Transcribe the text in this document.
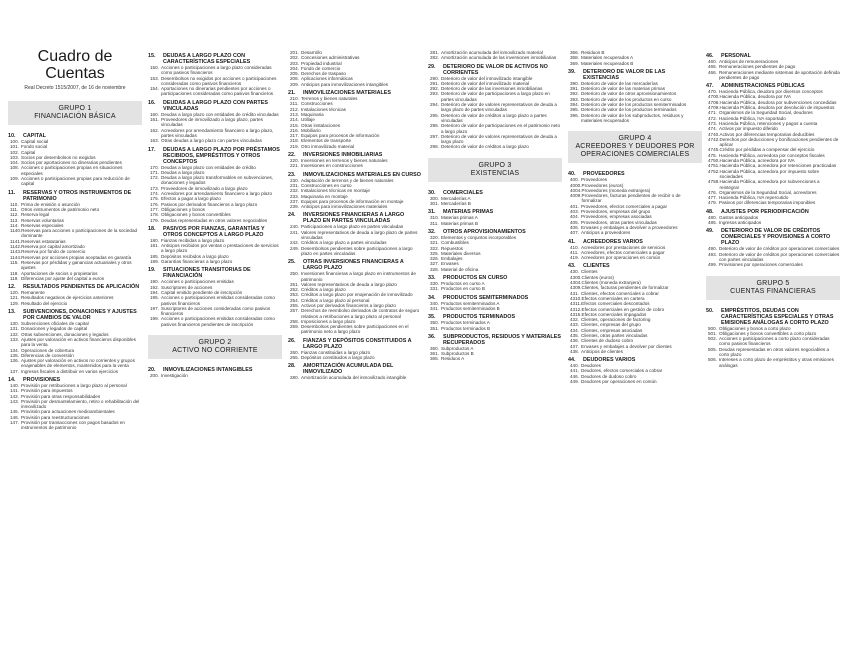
Cuadro de Cuentas
Real Decreto 1515/2007, de 16 de noviembre
GRUPO 1
FINANCIACIÓN BÁSICA
10.	CAPITAL
100. Capital social
101. Fondo social
102. Capital
103. Socios por desembolsos no exigidos
104. Socios por aportaciones no dinerarias pendientes
108. Acciones o participaciones propias en situaciones especiales
109. Acciones o participaciones propias para reducción de capital
11.	RESERVAS Y OTROS INSTRUMENTOS DE PATRIMONIO
110. Prima de emisión o asunción
111. Otros instrumentos de patrimonio neto
112. Reserva legal
113. Reservas voluntarias
114. Reservas especiales
1140. Reservas para acciones o participaciones de la sociedad dominante
1141. Reservas estatutarias
1142. Reserva por capital amortizado
1143. Reserva por fondo de comercio
1144. Reservas por acciones propias aceptadas en garantía
115. Reservas por pérdidas y ganancias actuariales y otros ajustes
118. Aportaciones de socios o propietarios
119. Diferencias por ajuste del capital a euros
12.	RESULTADOS PENDIENTES DE APLICACIÓN
120. Remanente
121. Resultados negativos de ejercicios anteriores
129. Resultado del ejercicio
13.	SUBVENCIONES, DONACIONES Y AJUSTES POR CAMBIOS DE VALOR
130. Subvenciones oficiales de capital
131. Donaciones y legados de capital
132. Otras subvenciones, donaciones y legados
133. Ajustes por valoración en activos financieros disponibles para la venta
134. Operaciones de cobertura
135. Diferencias de conversión
136. Ajustes por valoración en activos no corrientes y grupos enajenables de elementos, mantenidos para la venta
137. Ingresos fiscales a distribuir en varios ejercicios
14.	PROVISIONES
140. Provisión por retribuciones a largo plazo al personal
141. Provisión para impuestos
142. Provisión para otras responsabilidades
143. Provisión por desmantelamiento, retiro o rehabilitación del inmovilizado
145. Provisión para actuaciones medioambientales
146. Provisión para reestructuraciones
147. Provisión por transacciones con pagos basados en instrumentos de patrimonio
15.	DEUDAS A LARGO PLAZO CON CARACTERÍSTICAS ESPECIALES
150. Acciones o participaciones a largo plazo consideradas como pasivos financieros
153. Desembolsos no exigidos por acciones o participaciones consideradas como pasivos financieros
154. Aportaciones no dinerarias pendientes por acciones o participaciones consideradas como pasivos financieros
16.	DEUDAS A LARGO PLAZO CON PARTES VINCULADAS
160. Deudas a largo plazo con entidades de crédito vinculadas
161. Proveedores de inmovilizado a largo plazo, partes vinculadas
162. Acreedores por arrendamiento financiero a largo plazo, partes vinculadas
163. Otras deudas a largo plazo con partes vinculadas
17.	DEUDAS A LARGO PLAZO POR PRÉSTAMOS RECIBIDOS, EMPRÉSTITOS Y OTROS CONCEPTOS
170. Deudas a largo plazo con entidades de crédito
171. Deudas a largo plazo
172. Deudas a largo plazo transformables en subvenciones, donaciones y legados
173. Proveedores de inmovilizado a largo plazo
174. Acreedores por arrendamiento financiero a largo plazo
175. Efectos a pagar a largo plazo
176. Pasivos por derivados financieros a largo plazo
177. Obligaciones y bonos
178. Obligaciones y bonos convertibles
179. Deudas representadas en otros valores negociables
18.	PASIVOS POR FIANZAS, GARANTÍAS Y OTROS CONCEPTOS A LARGO PLAZO
180. Fianzas recibidas a largo plazo
181. Anticipos recibidos por ventas o prestaciones de servicios a largo plazo
185. Depósitos recibidos a largo plazo
189. Garantías financieras a largo plazo
19.	SITUACIONES TRANSITORIAS DE FINANCIACIÓN
190. Acciones o participaciones emitidas
192. Suscriptores de acciones
194. Capital emitido pendiente de inscripción
195. Acciones o participaciones emitidas consideradas como pasivos financieros
197. Suscriptores de acciones consideradas como pasivos financieros
199. Acciones o participaciones emitidas consideradas como pasivos financieros pendientes de inscripción
GRUPO 2
ACTIVO NO CORRIENTE
20.	INMOVILIZACIONES INTANGIBLES
200. Investigación
201. Desarrollo
202. Concesiones administrativas
203. Propiedad industrial
204. Fondo de comercio
205. Derechos de traspaso
206. Aplicaciones informáticas
209. Anticipos para inmovilizaciones intangibles
21.	INMOVILIZACIONES MATERIALES
210. Terrenos y bienes naturales
211. Construcciones
212. Instalaciones técnicas
213. Maquinaria
214. Utillaje
215. Otras instalaciones
216. Mobiliario
217. Equipos para procesos de información
218. Elementos de transporte
219. Otro inmovilizado material
22.	INVERSIONES INMOBILIARIAS
220. Inversiones en terrenos y bienes naturales
221. Inversiones en construcciones
23.	INMOVILIZACIONES MATERIALES EN CURSO
230. Adaptación de terrenos y de bienes naturales
231. Construcciones en curso
232. Instalaciones técnicas en montaje
233. Maquinaria en montaje
237. Equipos para procesos de información en montaje
239. Anticipos para inmovilizaciones materiales
24.	INVERSIONES FINANCIERAS A LARGO PLAZO EN PARTES VINCULADAS
240. Participaciones a largo plazo en partes vinculadas
241. Valores representativos de deuda a largo plazo de partes vinculadas
242. Créditos a largo plazo a partes vinculadas
249. Desembolsos pendientes sobre participaciones a largo plazo en partes vinculadas
25.	OTRAS INVERSIONES FINANCIERAS A LARGO PLAZO
250. Inversiones financieras a largo plazo en instrumentos de patrimonio
251. Valores representativos de deuda a largo plazo
252. Créditos a largo plazo
253. Créditos a largo plazo por enajenación de inmovilizado
254. Créditos a largo plazo al personal
255. Activos por derivados financieros a largo plazo
257. Derechos de reembolso derivados de contratos de seguro relativos a retribuciones a largo plazo al personal
258. Imposiciones a largo plazo
259. Desembolsos pendientes sobre participaciones en el patrimonio neto a largo plazo
26.	FIANZAS Y DEPÓSITOS CONSTITUIDOS A LARGO PLAZO
260. Fianzas constituidas a largo plazo
265. Depósitos constituidos a largo plazo
28.	AMORTIZACIÓN ACUMULADA DEL INMOVILIZADO
280. Amortización acumulada del inmovilizado intangible
281. Amortización acumulada del inmovilizado material
282. Amortización acumulada de las inversiones inmobiliarias
29.	DETERIORO DE VALOR DE ACTIVOS NO CORRIENTES
290. Deterioro de valor del inmovilizado intangible
291. Deterioro de valor del inmovilizado material
292. Deterioro de valor de las inversiones inmobiliarias
293. Deterioro de valor de participaciones a largo plazo en partes vinculadas
294. Deterioro de valor de valores representativos de deuda a largo plazo de partes vinculadas
295. Deterioro de valor de créditos a largo plazo a partes vinculadas
296. Deterioro de valor de participaciones en el patrimonio neto a largo plazo
297. Deterioro de valor de valores representativos de deuda a largo plazo
298. Deterioro de valor de créditos a largo plazo
GRUPO 3
EXISTENCIAS
30.	COMERCIALES
300. Mercaderías A
301. Mercaderías B
31.	MATERIAS PRIMAS
310. Materias primas A
311. Materias primas B
32.	OTROS APROVISIONAMIENTOS
320. Elementos y conjuntos incorporables
321. Combustibles
322. Repuestos
325. Materiales diversos
326. Embalajes
327. Envases
328. Material de oficina
33.	PRODUCTOS EN CURSO
330. Productos en curso A
331. Productos en curso B
34.	PRODUCTOS SEMITERMINADOS
340. Productos semiterminados A
341. Productos semiterminados B
35.	PRODUCTOS TERMINADOS
350. Productos terminados A
351. Productos terminados B
36.	SUBPRODUCTOS, RESIDUOS Y MATERIALES RECUPERADOS
360. Subproductos A
361. Subproductos B
365. Residuos A
366. Residuos B
368. Materiales recuperados A
369. Materiales recuperados B
39.	DETERIORO DE VALOR DE LAS EXISTENCIAS
390. Deterioro de valor de las mercaderías
391. Deterioro de valor de las materias primas
392. Deterioro de valor de otros aprovisionamientos
393. Deterioro de valor de los productos en curso
394. Deterioro de valor de los productos semiterminados
395. Deterioro de valor de los productos terminados
396. Deterioro de valor de los subproductos, residuos y materiales recuperados
GRUPO 4
ACREEDORES Y DEUDORES POR OPERACIONES COMERCIALES
40.	PROVEEDORES
400. Proveedores
4000. Proveedores (euros)
4004. Proveedores (moneda extranjera)
4009. Proveedores, facturas pendientes de recibir o de formalizar
401. Proveedores, efectos comerciales a pagar
403. Proveedores, empresas del grupo
404. Proveedores, empresas asociadas
405. Proveedores, otras partes vinculadas
406. Envases y embalajes a devolver a proveedores
407. Anticipos a proveedores
41.	ACREEDORES VARIOS
410. Acreedores por prestaciones de servicios
411. Acreedores, efectos comerciales a pagar
419. Acreedores por operaciones en común
43.	CLIENTES
430. Clientes
4300. Clientes (euros)
4304. Clientes (moneda extranjera)
4309. Clientes, facturas pendientes de formalizar
431. Clientes, efectos comerciales a cobrar
4310. Efectos comerciales en cartera
4311. Efectos comerciales descontados
4312. Efectos comerciales en gestión de cobro
4315. Efectos comerciales impagados
432. Clientes, operaciones de factoring
433. Clientes, empresas del grupo
434. Clientes, empresas asociadas
435. Clientes, otras partes vinculadas
436. Clientes de dudoso cobro
437. Envases y embalajes a devolver por clientes
438. Anticipos de clientes
44.	DEUDORES VARIOS
440. Deudores
441. Deudores, efectos comerciales a cobrar
446. Deudores de dudoso cobro
449. Deudores por operaciones en común
46.	PERSONAL
460. Anticipos de remuneraciones
465. Remuneraciones pendientes de pago
466. Remuneraciones mediante sistemas de aportación definida pendientes de pago
47.	ADMINISTRACIONES PÚBLICAS
470. Hacienda Pública, deudora por diversos conceptos
4700. Hacienda Pública, deudora por IVA
4708. Hacienda Pública, deudora por subvenciones concedidas
4709. Hacienda Pública, deudora por devolución de impuestos
471. Organismos de la Seguridad Social, deudores
472. Hacienda Pública, IVA soportado
473. Hacienda Pública, retenciones y pagos a cuenta
474. Activos por impuesto diferido
4740. Activos por diferencias temporarias deducibles
4742. Derechos por deducciones y bonificaciones pendientes de aplicar
4745. Crédito por pérdidas a compensar del ejercicio
475. Hacienda Pública, acreedora por conceptos fiscales
4750. Hacienda Pública, acreedora por IVA
4751. Hacienda Pública, acreedora por retenciones practicadas
4752. Hacienda Pública, acreedora por impuesto sobre sociedades
4758. Hacienda Pública, acreedora por subvenciones a reintegrar
476. Organismos de la Seguridad Social, acreedores
477. Hacienda Pública, IVA repercutido
479. Pasivos por diferencias temporarias imponibles
48.	AJUSTES POR PERIODIFICACIÓN
480. Gastos anticipados
485. Ingresos anticipados
49.	DETERIORO DE VALOR DE CRÉDITOS COMERCIALES Y PROVISIONES A CORTO PLAZO
490. Deterioro de valor de créditos por operaciones comerciales
493. Deterioro de valor de créditos por operaciones comerciales con partes vinculadas
499. Provisiones por operaciones comerciales
GRUPO 5
CUENTAS FINANCIERAS
50.	EMPRÉSTITOS, DEUDAS CON CARACTERÍSTICAS ESPECIALES Y OTRAS EMISIONES ANÁLOGAS A CORTO PLAZO
500. Obligaciones y bonos a corto plazo
501. Obligaciones y bonos convertibles a corto plazo
502. Acciones o participaciones a corto plazo consideradas como pasivos financieros
505. Deudas representadas en otros valores negociables a corto plazo
506. Intereses a corto plazo de empréstitos y otras emisiones análogas
